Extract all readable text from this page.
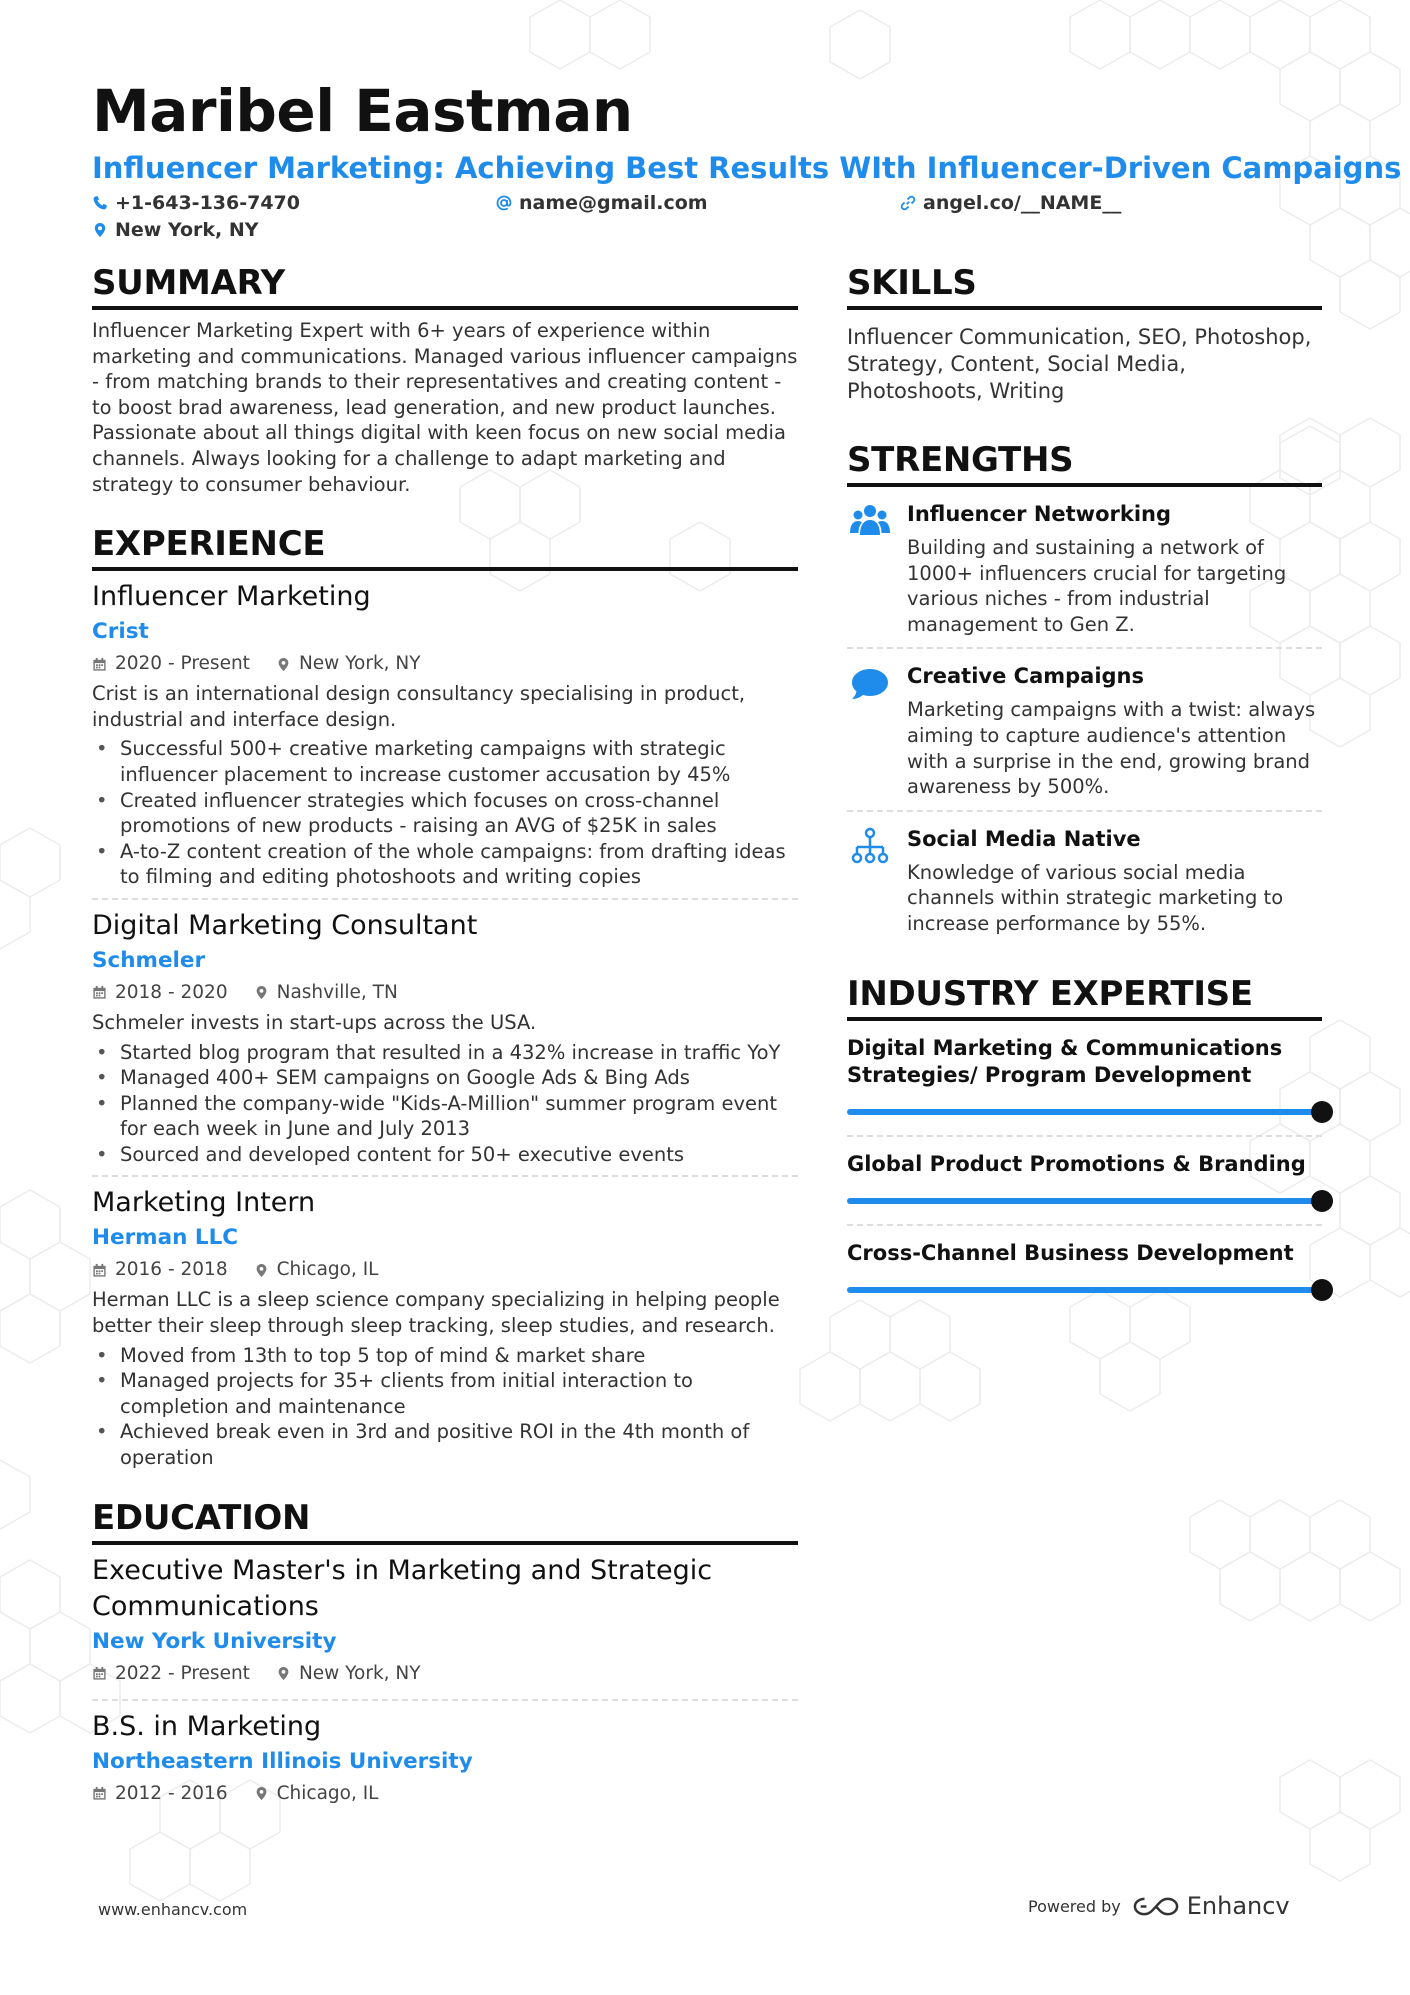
Maribel Eastman
Influencer Marketing: Achieving Best Results WIth Influencer-Driven Campaigns
+1-643-136-7470	name@gmail.com	angel.co/__NAME__
New York, NY
SUMMARY

Influencer Marketing Expert with 6+ years of experience within marketing and communications. Managed various influencer campaigns - from matching brands to their representatives and creating content - to boost brad awareness, lead generation, and new product launches. Passionate about all things digital with keen focus on new social media channels. Always looking for a challenge to adapt marketing and strategy to consumer behaviour.

EXPERIENCE
Influencer Marketing
Crist
2020 - Present	New York, NY

Crist is an international design consultancy specialising in product, industrial and interface design.

• Successful 500+ creative marketing campaigns with strategic influencer placement to increase customer accusation by 45%
• Created influencer strategies which focuses on cross-channel promotions of new products - raising an AVG of $25K in sales
• A-to-Z content creation of the whole campaigns: from drafting ideas to filming and editing photoshoots and writing copies
Digital Marketing Consultant
Schmeler
2018 - 2020	Nashville, TN

Schmeler invests in start-ups across the USA.

• Started blog program that resulted in a 432% increase in traffic YoY
• Managed 400+ SEM campaigns on Google Ads & Bing Ads
• Planned the company-wide "Kids-A-Million" summer program event for each week in June and July 2013
• Sourced and developed content for 50+ executive events
Marketing Intern
Herman LLC
2016 - 2018	Chicago, IL

Herman LLC is a sleep science company specializing in helping people better their sleep through sleep tracking, sleep studies, and research.

• Moved from 13th to top 5 top of mind & market share
• Managed projects for 35+ clients from initial interaction to completion and maintenance
• Achieved break even in 3rd and positive ROI in the 4th month of operation
EDUCATION
Executive Master's in Marketing and Strategic Communications
New York University
2022 - Present	New York, NY
B.S. in Marketing
Northeastern Illinois University
2012 - 2016	Chicago, IL
SKILLS

Influencer Communication, SEO, Photoshop, Strategy, Content, Social Media, Photoshoots, Writing

STRENGTHS
Influencer Networking

Building and sustaining a network of 1000+ influencers crucial for targeting various niches - from industrial management to Gen Z.

Creative Campaigns

Marketing campaigns with a twist: always aiming to capture audience's attention with a surprise in the end, growing brand awareness by 500%.

Social Media Native

Knowledge of various social media channels within strategic marketing to increase performance by 55%.

INDUSTRY EXPERTISE
Digital Marketing & Communications Strategies/ Program Development
Global Product Promotions & Branding
Cross-Channel Business Development
www.enhancv.com	Powered by	Enhancv
